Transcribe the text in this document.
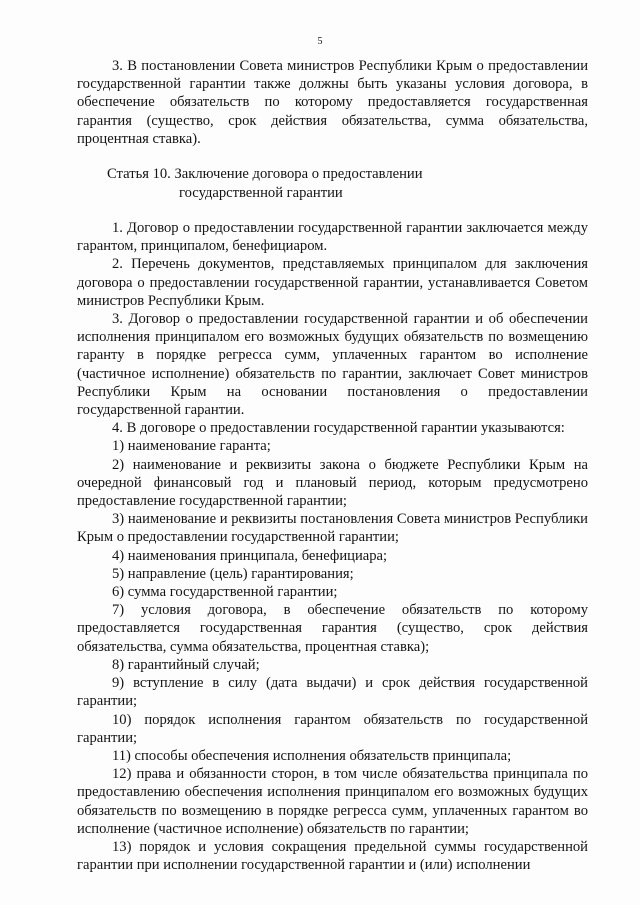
5

3. В постановлении Совета министров Республики Крым о предоставлении государственной гарантии также должны быть указаны условия договора, в обеспечение обязательств по которому предоставляется государственная гарантия (существо, срок действия обязательства, сумма обязательства, процентная ставка).

Статья 10. Заключение договора о предоставлении
государственной гарантии

1. Договор о предоставлении государственной гарантии заключается между гарантом, принципалом, бенефициаром.

2. Перечень документов, представляемых принципалом для заключения договора о предоставлении государственной гарантии, устанавливается Советом министров Республики Крым.

3. Договор о предоставлении государственной гарантии и об обеспечении исполнения принципалом его возможных будущих обязательств по возмещению гаранту в порядке регресса сумм, уплаченных гарантом во исполнение (частичное исполнение) обязательств по гарантии, заключает Совет министров Республики Крым на основании постановления о предоставлении государственной гарантии.

4. В договоре о предоставлении государственной гарантии указываются:

1) наименование гаранта;

2) наименование и реквизиты закона о бюджете Республики Крым на очередной финансовый год и плановый период, которым предусмотрено предоставление государственной гарантии;

3) наименование и реквизиты постановления Совета министров Республики Крым о предоставлении государственной гарантии;

4) наименования принципала, бенефициара;

5) направление (цель) гарантирования;

6) сумма государственной гарантии;

7) условия договора, в обеспечение обязательств по которому предоставляется государственная гарантия (существо, срок действия обязательства, сумма обязательства, процентная ставка);

8) гарантийный случай;

9) вступление в силу (дата выдачи) и срок действия государственной гарантии;

10) порядок исполнения гарантом обязательств по государственной гарантии;

11) способы обеспечения исполнения обязательств принципала;

12) права и обязанности сторон, в том числе обязательства принципала по предоставлению обеспечения исполнения принципалом его возможных будущих обязательств по возмещению в порядке регресса сумм, уплаченных гарантом во исполнение (частичное исполнение) обязательств по гарантии;

13) порядок и условия сокращения предельной суммы государственной гарантии при исполнении государственной гарантии и (или) исполнении
